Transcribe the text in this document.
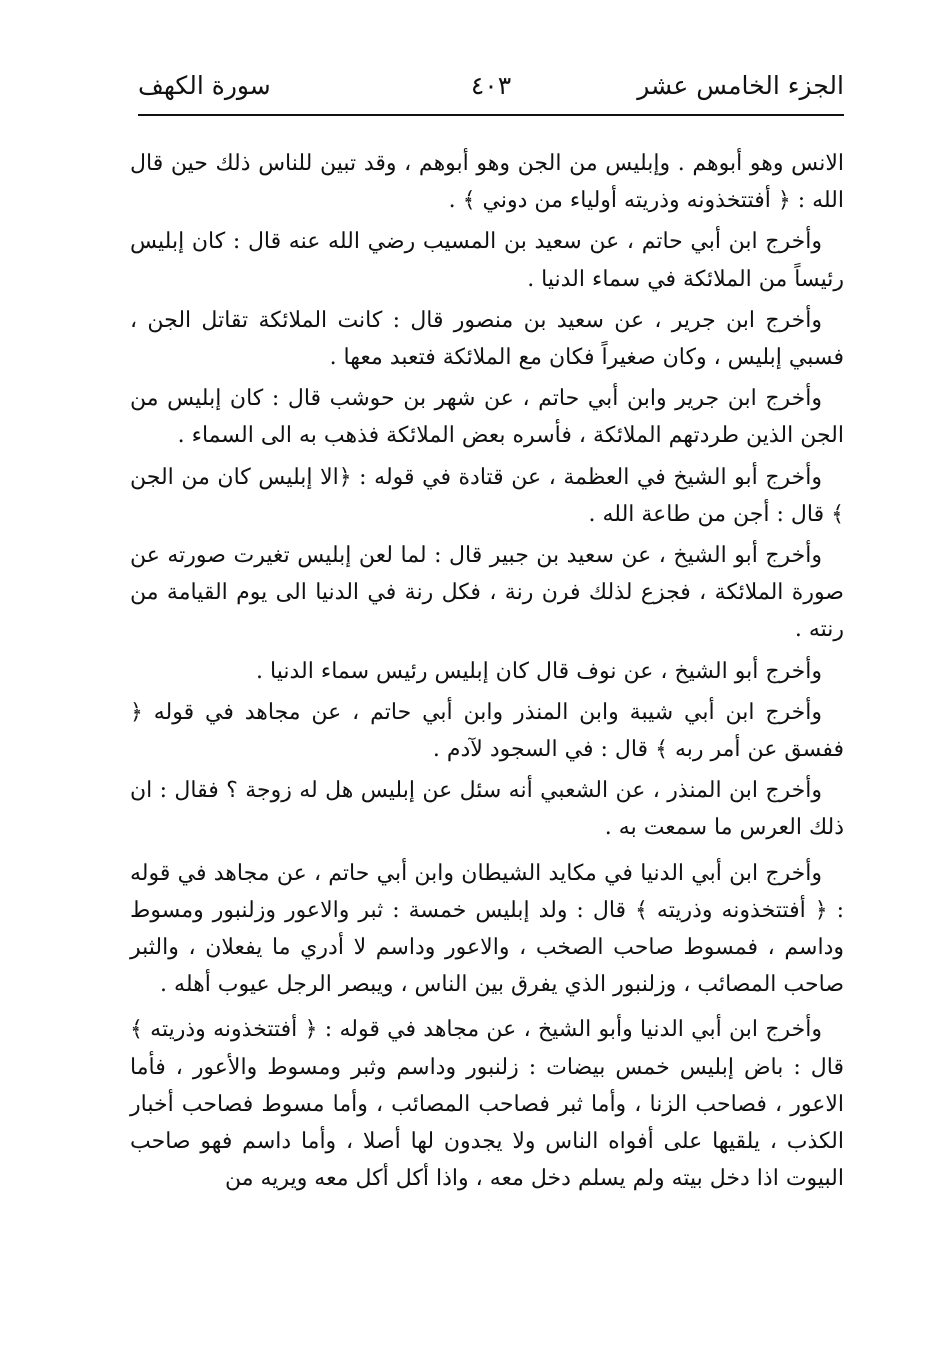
الجزء الخامس عشر
٤٠٣
سورة الكهف

الانس وهو أبوهم . وإبليس من الجن وهو أبوهم ، وقد تبين للناس ذلك حين قال الله : ﴿ أفتتخذونه وذريته أولياء من دوني ﴾ .

وأخرج ابن أبي حاتم ، عن سعيد بن المسيب رضي الله عنه قال : كان إبليس رئيساً من الملائكة في سماء الدنيا .

وأخرج ابن جرير ، عن سعيد بن منصور قال : كانت الملائكة تقاتل الجن ، فسبي إبليس ، وكان صغيراً فكان مع الملائكة فتعبد معها .

وأخرج ابن جرير وابن أبي حاتم ، عن شهر بن حوشب قال : كان إبليس من الجن الذين طردتهم الملائكة ، فأسره بعض الملائكة فذهب به الى السماء .

وأخرج أبو الشيخ في العظمة ، عن قتادة في قوله : ﴿الا إبليس كان من الجن ﴾ قال : أجن من طاعة الله .

وأخرج أبو الشيخ ، عن سعيد بن جبير قال : لما لعن إبليس تغيرت صورته عن صورة الملائكة ، فجزع لذلك فرن رنة ، فكل رنة في الدنيا الى يوم القيامة من رنته .

وأخرج أبو الشيخ ، عن نوف قال كان إبليس رئيس سماء الدنيا .

وأخرج ابن أبي شيبة وابن المنذر وابن أبي حاتم ، عن مجاهد في قوله ﴿ ففسق عن أمر ربه ﴾ قال : في السجود لآدم .

وأخرج ابن المنذر ، عن الشعبي أنه سئل عن إبليس هل له زوجة ؟ فقال : ان ذلك العرس ما سمعت به .

وأخرج ابن أبي الدنيا في مكايد الشيطان وابن أبي حاتم ، عن مجاهد في قوله : ﴿ أفتتخذونه وذريته ﴾ قال : ولد إبليس خمسة : ثبر والاعور وزلنبور ومسوط وداسم ، فمسوط صاحب الصخب ، والاعور وداسم لا أدري ما يفعلان ، والثبر صاحب المصائب ، وزلنبور الذي يفرق بين الناس ، ويبصر الرجل عيوب أهله .

وأخرج ابن أبي الدنيا وأبو الشيخ ، عن مجاهد في قوله : ﴿ أفتتخذونه وذريته ﴾ قال : باض إبليس خمس بيضات : زلنبور وداسم وثبر ومسوط والأعور ، فأما الاعور ، فصاحب الزنا ، وأما ثبر فصاحب المصائب ، وأما مسوط فصاحب أخبار الكذب ، يلقيها على أفواه الناس ولا يجدون لها أصلا ، وأما داسم فهو صاحب البيوت اذا دخل بيته ولم يسلم دخل معه ، واذا أكل أكل معه ويريه من
